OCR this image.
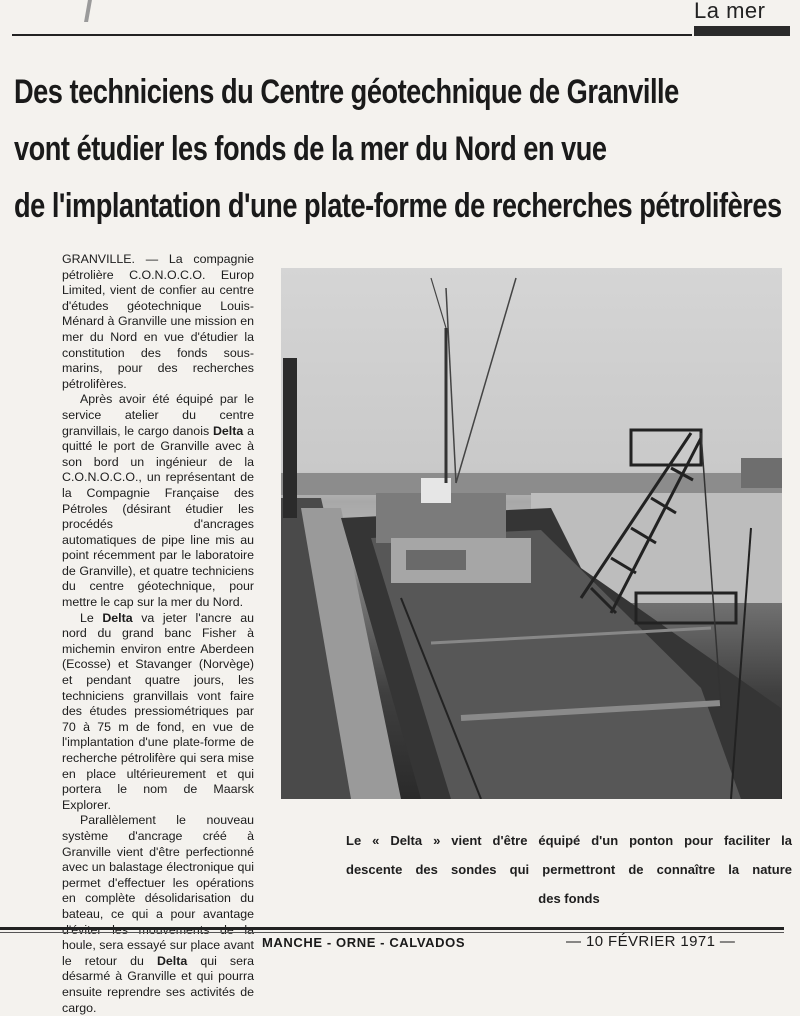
La mer
Des techniciens du Centre géotechnique de Granville
vont étudier les fonds de la mer du Nord en vue
de l'implantation d'une plate-forme de recherches pétrolifères

GRANVILLE. — La compagnie pétrolière C.O.N.O.C.O. Europ Limited, vient de confier au centre d'études géotechnique Louis-Ménard à Granville une mission en mer du Nord en vue d'étudier la constitution des fonds sous-marins, pour des recherches pétrolifères.

Après avoir été équipé par le service atelier du centre granvillais, le cargo danois Delta a quitté le port de Granville avec à son bord un ingénieur de la C.O.N.O.C.O., un représentant de la Compagnie Française des Pétroles (désirant étudier les procédés d'ancrages automatiques de pipe line mis au point récemment par le laboratoire de Granville), et quatre techniciens du centre géotechnique, pour mettre le cap sur la mer du Nord.

Le Delta va jeter l'ancre au nord du grand banc Fisher à michemin environ entre Aberdeen (Ecosse) et Stavanger (Norvège) et pendant quatre jours, les techniciens granvillais vont faire des études pressiométriques par 70 à 75 m de fond, en vue de l'implantation d'une plate-forme de recherche pétrolifère qui sera mise en place ultérieurement et qui portera le nom de Maarsk Explorer.

Parallèlement le nouveau système d'ancrage créé à Granville vient d'être perfectionné avec un balastage électronique qui permet d'effectuer les opérations en complète désolidarisation du bateau, ce qui a pour avantage houle, sera essayé sur place avant le retour du Delta qui sera désarmé à Granville et qui pourra ensuite reprendre ses activités de cargo.

Le « Delta » vient d'être équipé d'un ponton pour faciliter la
descente des sondes qui permettront de connaître la nature
des fonds
MANCHE - ORNE - CALVADOS	— 10 FÉVRIER 1971 —
